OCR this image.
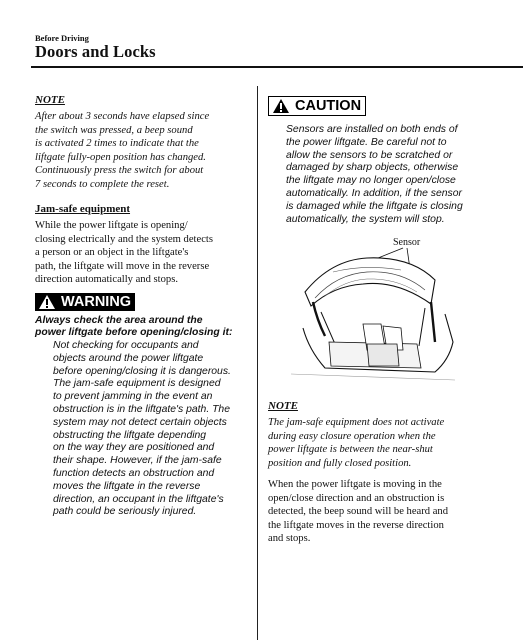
Before Driving
Doors and Locks

NOTE

After about 3 seconds have elapsed since
the switch was pressed, a beep sound
is activated 2 times to indicate that the
liftgate fully-open position has changed.
Continuously press the switch for about
7 seconds to complete the reset.

Jam-safe equipment

While the power liftgate is opening/
closing electrically and the system detects
a person or an object in the liftgate's
path, the liftgate will move in the reverse
direction automatically and stops.

WARNING

Always check the area around the
power liftgate before opening/closing it:

Not checking for occupants and
objects around the power liftgate
before opening/closing it is dangerous.
The jam-safe equipment is designed
to prevent jamming in the event an
obstruction is in the liftgate's path. The
system may not detect certain objects
obstructing the liftgate depending
on the way they are positioned and
their shape. However, if the jam-safe
function detects an obstruction and
moves the liftgate in the reverse
direction, an occupant in the liftgate's
path could be seriously injured.

CAUTION

Sensors are installed on both ends of
the power liftgate. Be careful not to
allow the sensors to be scratched or
damaged by sharp objects, otherwise
the liftgate may no longer open/close
automatically. In addition, if the sensor
is damaged while the liftgate is closing
automatically, the system will stop.

Sensor

NOTE

The jam-safe equipment does not activate
during easy closure operation when the
power liftgate is between the near-shut
position and fully closed position.

When the power liftgate is moving in the
open/close direction and an obstruction is
detected, the beep sound will be heard and
the liftgate moves in the reverse direction
and stops.
